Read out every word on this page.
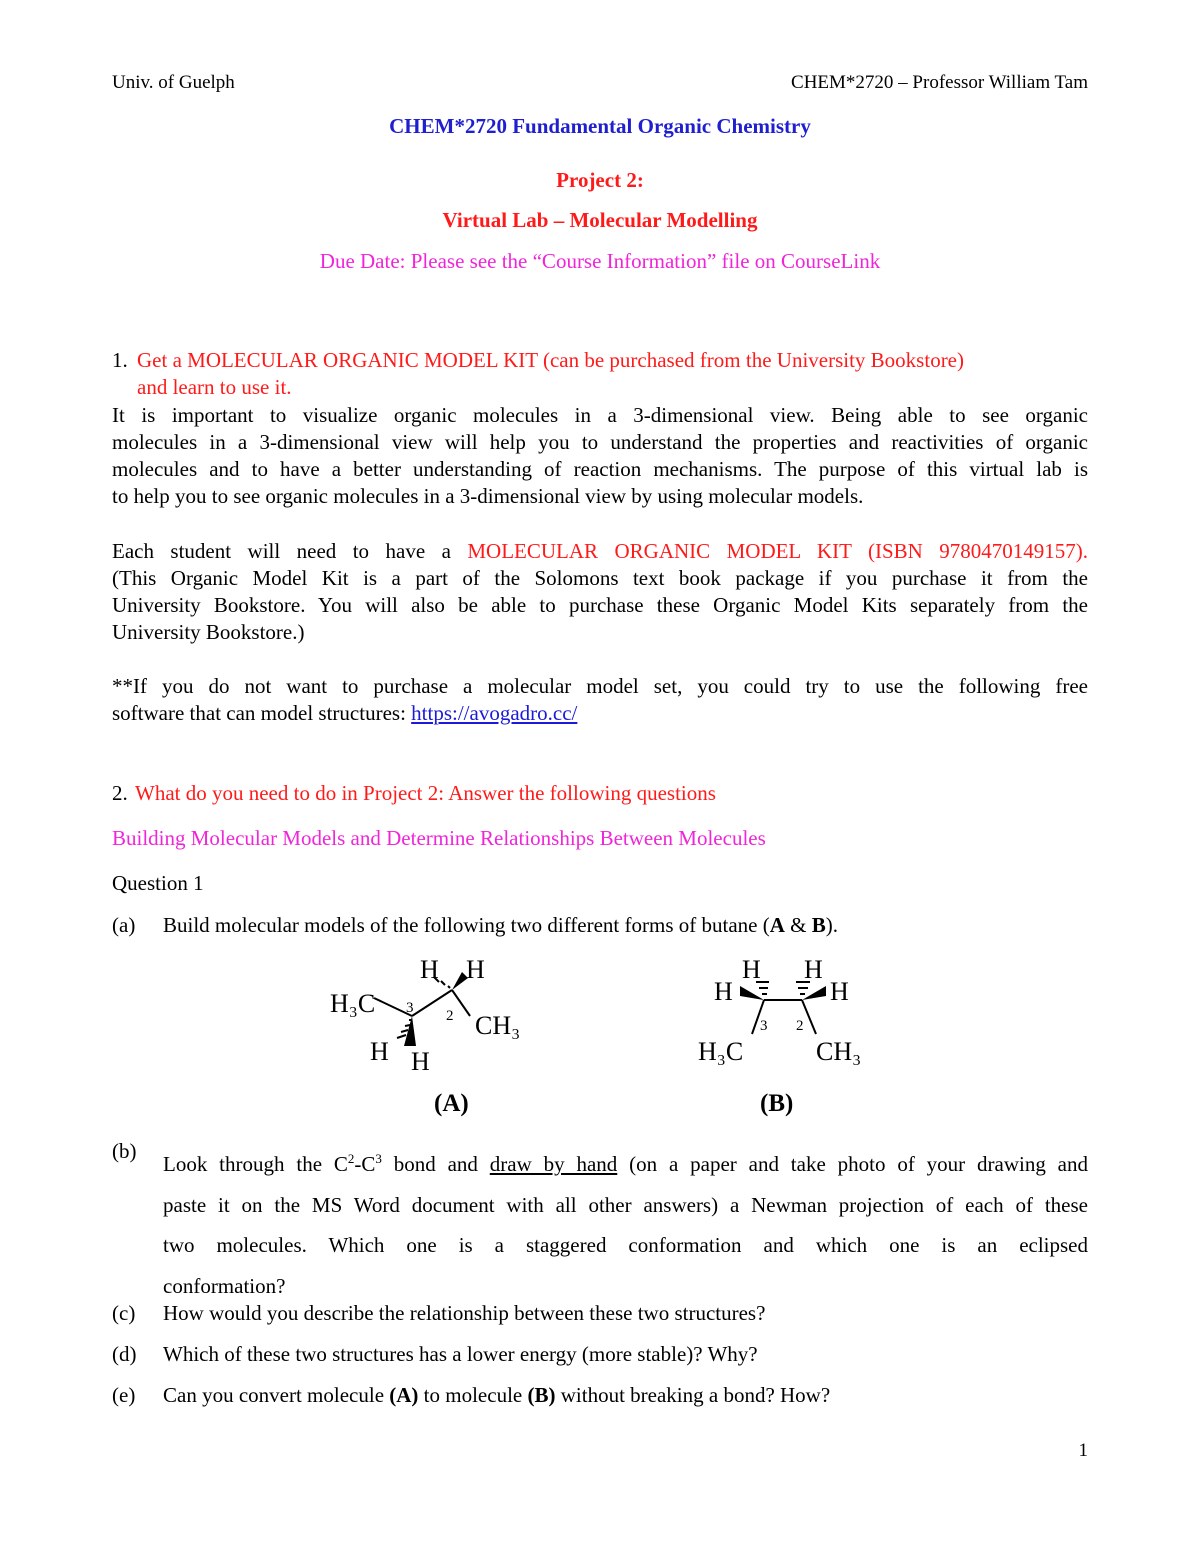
Univ. of Guelph	CHEM*2720 – Professor William Tam
CHEM*2720 Fundamental Organic Chemistry
Project 2:
Virtual Lab – Molecular Modelling
Due Date: Please see the “Course Information” file on CourseLink
1. Get a MOLECULAR ORGANIC MODEL KIT (can be purchased from the University Bookstore)
and learn to use it.
It is important to visualize organic molecules in a 3-dimensional view. Being able to see organic
molecules in a 3-dimensional view will help you to understand the properties and reactivities of organic
molecules and to have a better understanding of reaction mechanisms. The purpose of this virtual lab is
to help you to see organic molecules in a 3-dimensional view by using molecular models.
Each student will need to have a MOLECULAR ORGANIC MODEL KIT (ISBN 9780470149157).
(This Organic Model Kit is a part of the Solomons text book package if you purchase it from the
University Bookstore. You will also be able to purchase these Organic Model Kits separately from the
University Bookstore.)
**If you do not want to purchase a molecular model set, you could try to use the following free
software that can model structures: https://avogadro.cc/
2. What do you need to do in Project 2: Answer the following questions
Building Molecular Models and Determine Relationships Between Molecules
Question 1
(a) Build molecular models of the following two different forms of butane (A & B).
H H
H₃C
CH₃
H H
3 2
(A)
H H
H	H
H₃C	CH₃
3 2
(B)
(b)
Look through the $C^2-C^3$ bond and draw by hand (on a paper and take photo of your drawing and
paste it on the MS Word document with all other answers) a Newman projection of each of these
two molecules. Which one is a staggered conformation and which one is an eclipsed
conformation?
(c) How would you describe the relationship between these two structures?
(d) Which of these two structures has a lower energy (more stable)? Why?
(e) Can you convert molecule (A) to molecule (B) without breaking a bond? How?
1
